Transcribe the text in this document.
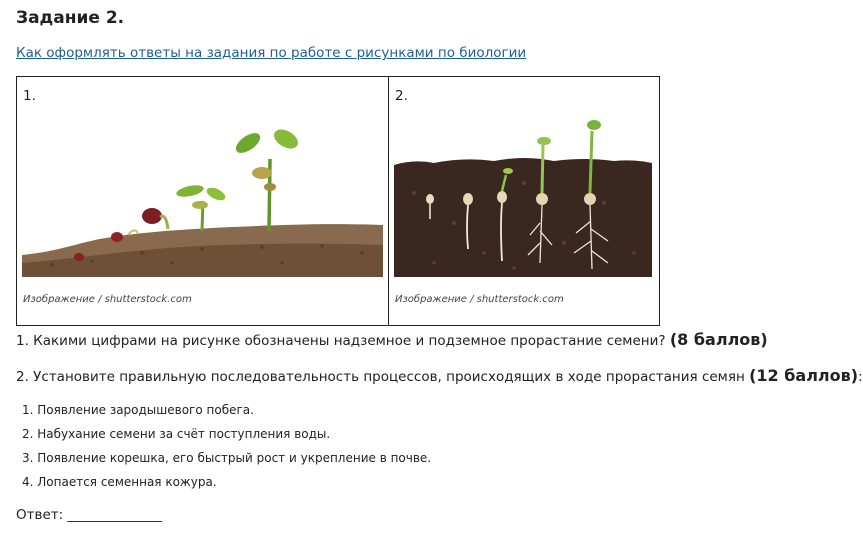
Задание 2.
Как оформлять ответы на задания по работе с рисунками по биологии
1.
Изображение / shutterstock.com

2.
Изображение / shutterstock.com
1. Какими цифрами на рисунке обозначены надземное и подземное прорастание семени? (8 баллов)
2. Установите правильную последовательность процессов, происходящих в ходе прорастания семян (12 баллов):
1. Появление зародышевого побега.
2. Набухание семени за счёт поступления воды.
3. Появление корешка, его быстрый рост и укрепление в почве.
4. Лопается семенная кожура.
Ответ: ______________
